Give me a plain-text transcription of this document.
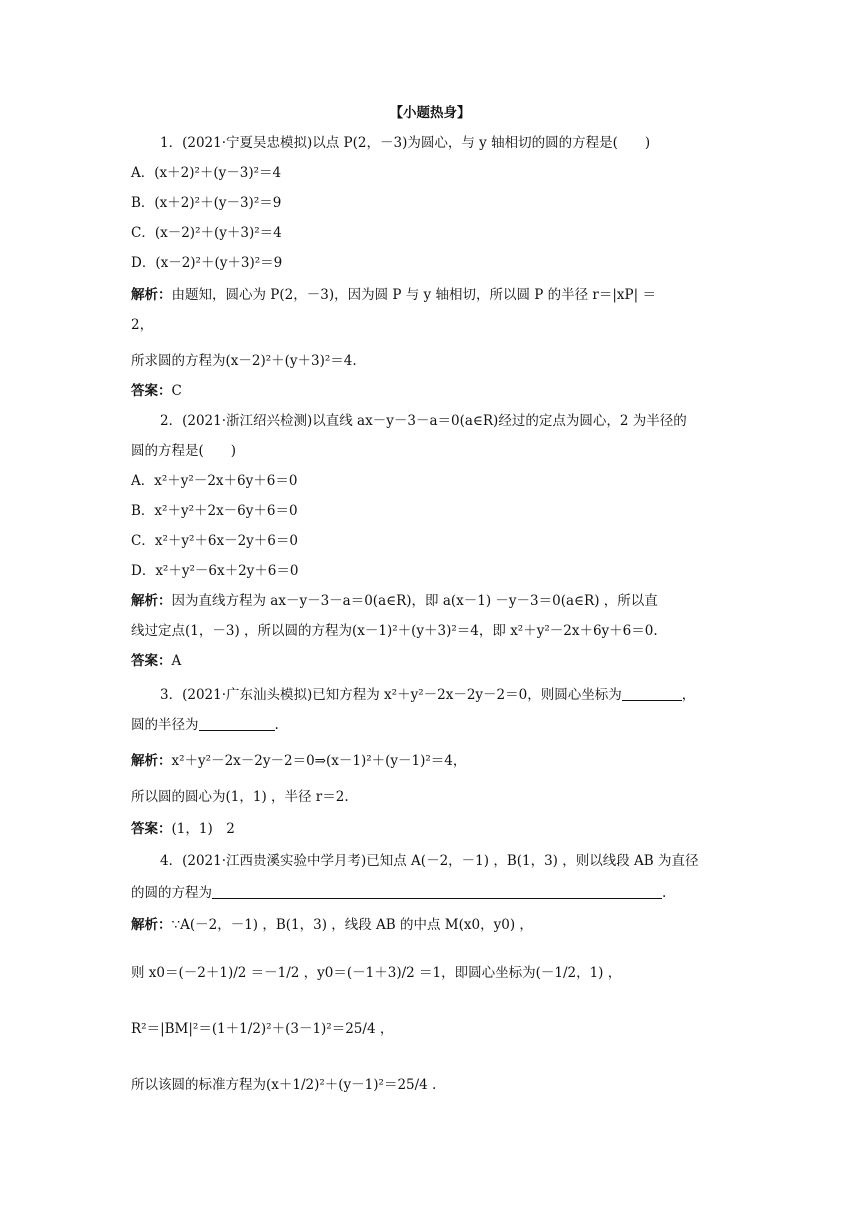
【小题热身】
1．(2021·宁夏吴忠模拟)以点 P(2，－3)为圆心，与 y 轴相切的圆的方程是(　　)
A．(x＋2)²＋(y－3)²＝4
B．(x＋2)²＋(y－3)²＝9
C．(x－2)²＋(y＋3)²＝4
D．(x－2)²＋(y＋3)²＝9
解析：由题知，圆心为 P(2，－3)，因为圆 P 与 y 轴相切，所以圆 P 的半径 r＝|xP| ＝
2，
所求圆的方程为(x－2)²＋(y＋3)²＝4.
答案：C
2．(2021·浙江绍兴检测)以直线 ax－y－3－a＝0(a∈R)经过的定点为圆心，2 为半径的
圆的方程是(　　)
A．x²＋y²－2x＋6y＋6＝0
B．x²＋y²＋2x－6y＋6＝0
C．x²＋y²＋6x－2y＋6＝0
D．x²＋y²－6x＋2y＋6＝0
解析：因为直线方程为 ax－y－3－a＝0(a∈R)，即 a(x－1) －y－3＝0(a∈R) ，所以直
线过定点(1，－3) ，所以圆的方程为(x－1)²＋(y＋3)²＝4，即 x²＋y²－2x＋6y＋6＝0.
答案：A
3．(2021·广东汕头模拟)已知方程为 x²＋y²－2x－2y－2＝0，则圆心坐标为	，
圆的半径为	.
解析：x²＋y²－2x－2y－2＝0⇒(x－1)²＋(y－1)²＝4，
所以圆的圆心为(1，1) ，半径 r＝2.
答案：(1，1)　2
4．(2021·江西贵溪实验中学月考)已知点 A(－2，－1) ，B(1，3) ，则以线段 AB 为直径
的圆的方程为	.
解析：∵A(－2，－1) ，B(1，3) ，线段 AB 的中点 M(x0，y0) ，
则 x0＝(－2＋1)/2 ＝－1/2 ，y0＝(－1＋3)/2 ＝1，即圆心坐标为(－1/2，1) ，
R²＝|BM|²＝(1＋1/2)²＋(3－1)²＝25/4 ，
所以该圆的标准方程为(x＋1/2)²＋(y－1)²＝25/4 .
